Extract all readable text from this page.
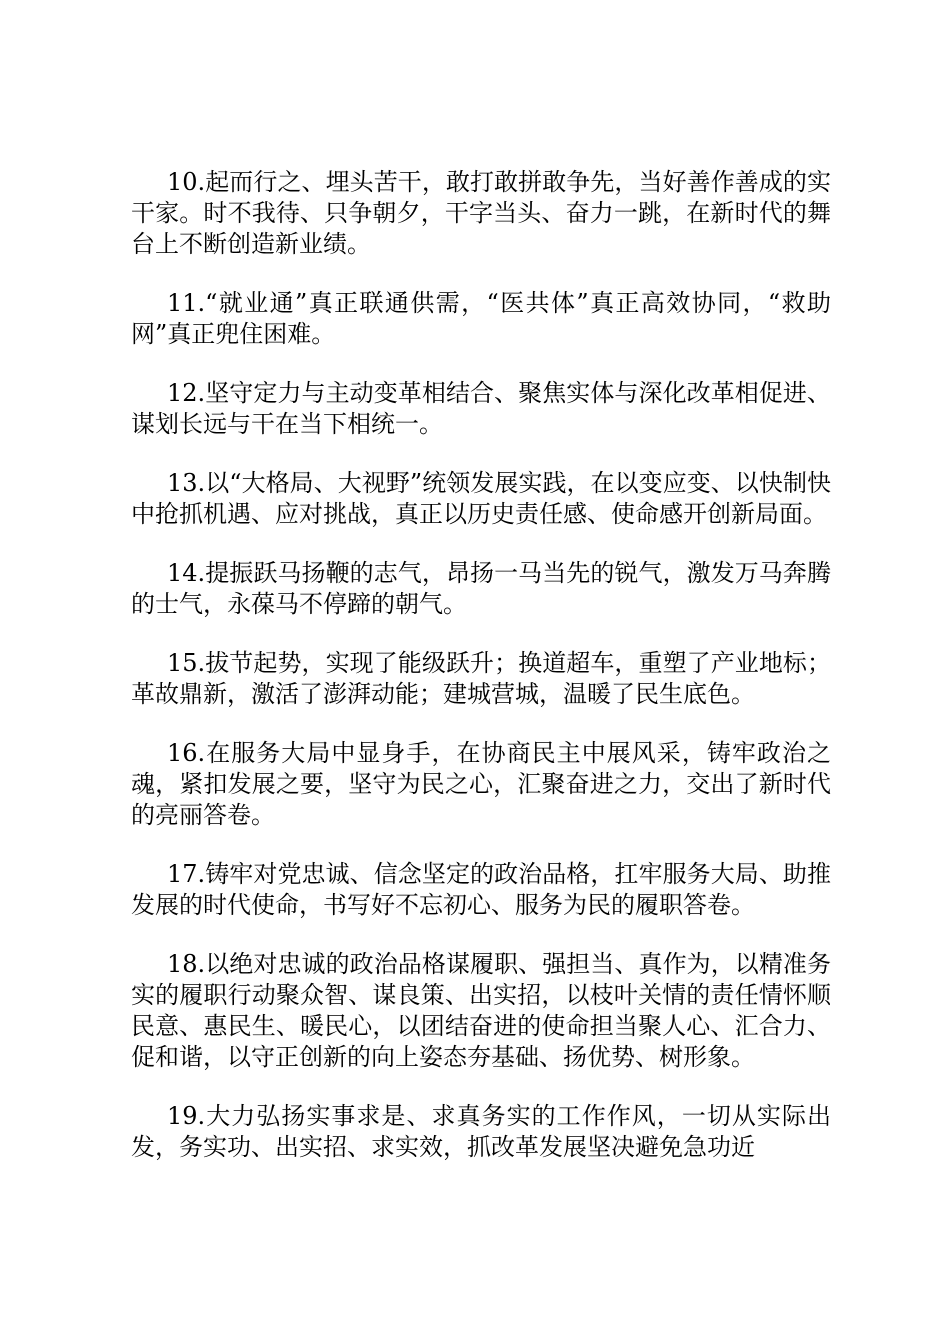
10.起而行之、埋头苦干，敢打敢拼敢争先，当好善作善成的实干家。时不我待、只争朝夕，干字当头、奋力一跳，在新时代的舞台上不断创造新业绩。

11.“就业通”真正联通供需，“医共体”真正高效协同，“救助网”真正兜住困难。

12.坚守定力与主动变革相结合、聚焦实体与深化改革相促进、谋划长远与干在当下相统一。

13.以“大格局、大视野”统领发展实践，在以变应变、以快制快中抢抓机遇、应对挑战，真正以历史责任感、使命感开创新局面。

14.提振跃马扬鞭的志气，昂扬一马当先的锐气，激发万马奔腾的士气，永葆马不停蹄的朝气。

15.拔节起势，实现了能级跃升；换道超车，重塑了产业地标；革故鼎新，激活了澎湃动能；建城营城，温暖了民生底色。

16.在服务大局中显身手，在协商民主中展风采，铸牢政治之魂，紧扣发展之要，坚守为民之心，汇聚奋进之力，交出了新时代的亮丽答卷。

17.铸牢对党忠诚、信念坚定的政治品格，扛牢服务大局、助推发展的时代使命，书写好不忘初心、服务为民的履职答卷。

18.以绝对忠诚的政治品格谋履职、强担当、真作为，以精准务实的履职行动聚众智、谋良策、出实招，以枝叶关情的责任情怀顺民意、惠民生、暖民心，以团结奋进的使命担当聚人心、汇合力、促和谐，以守正创新的向上姿态夯基础、扬优势、树形象。

19.大力弘扬实事求是、求真务实的工作作风，一切从实际出发，务实功、出实招、求实效，抓改革发展坚决避免急功近
